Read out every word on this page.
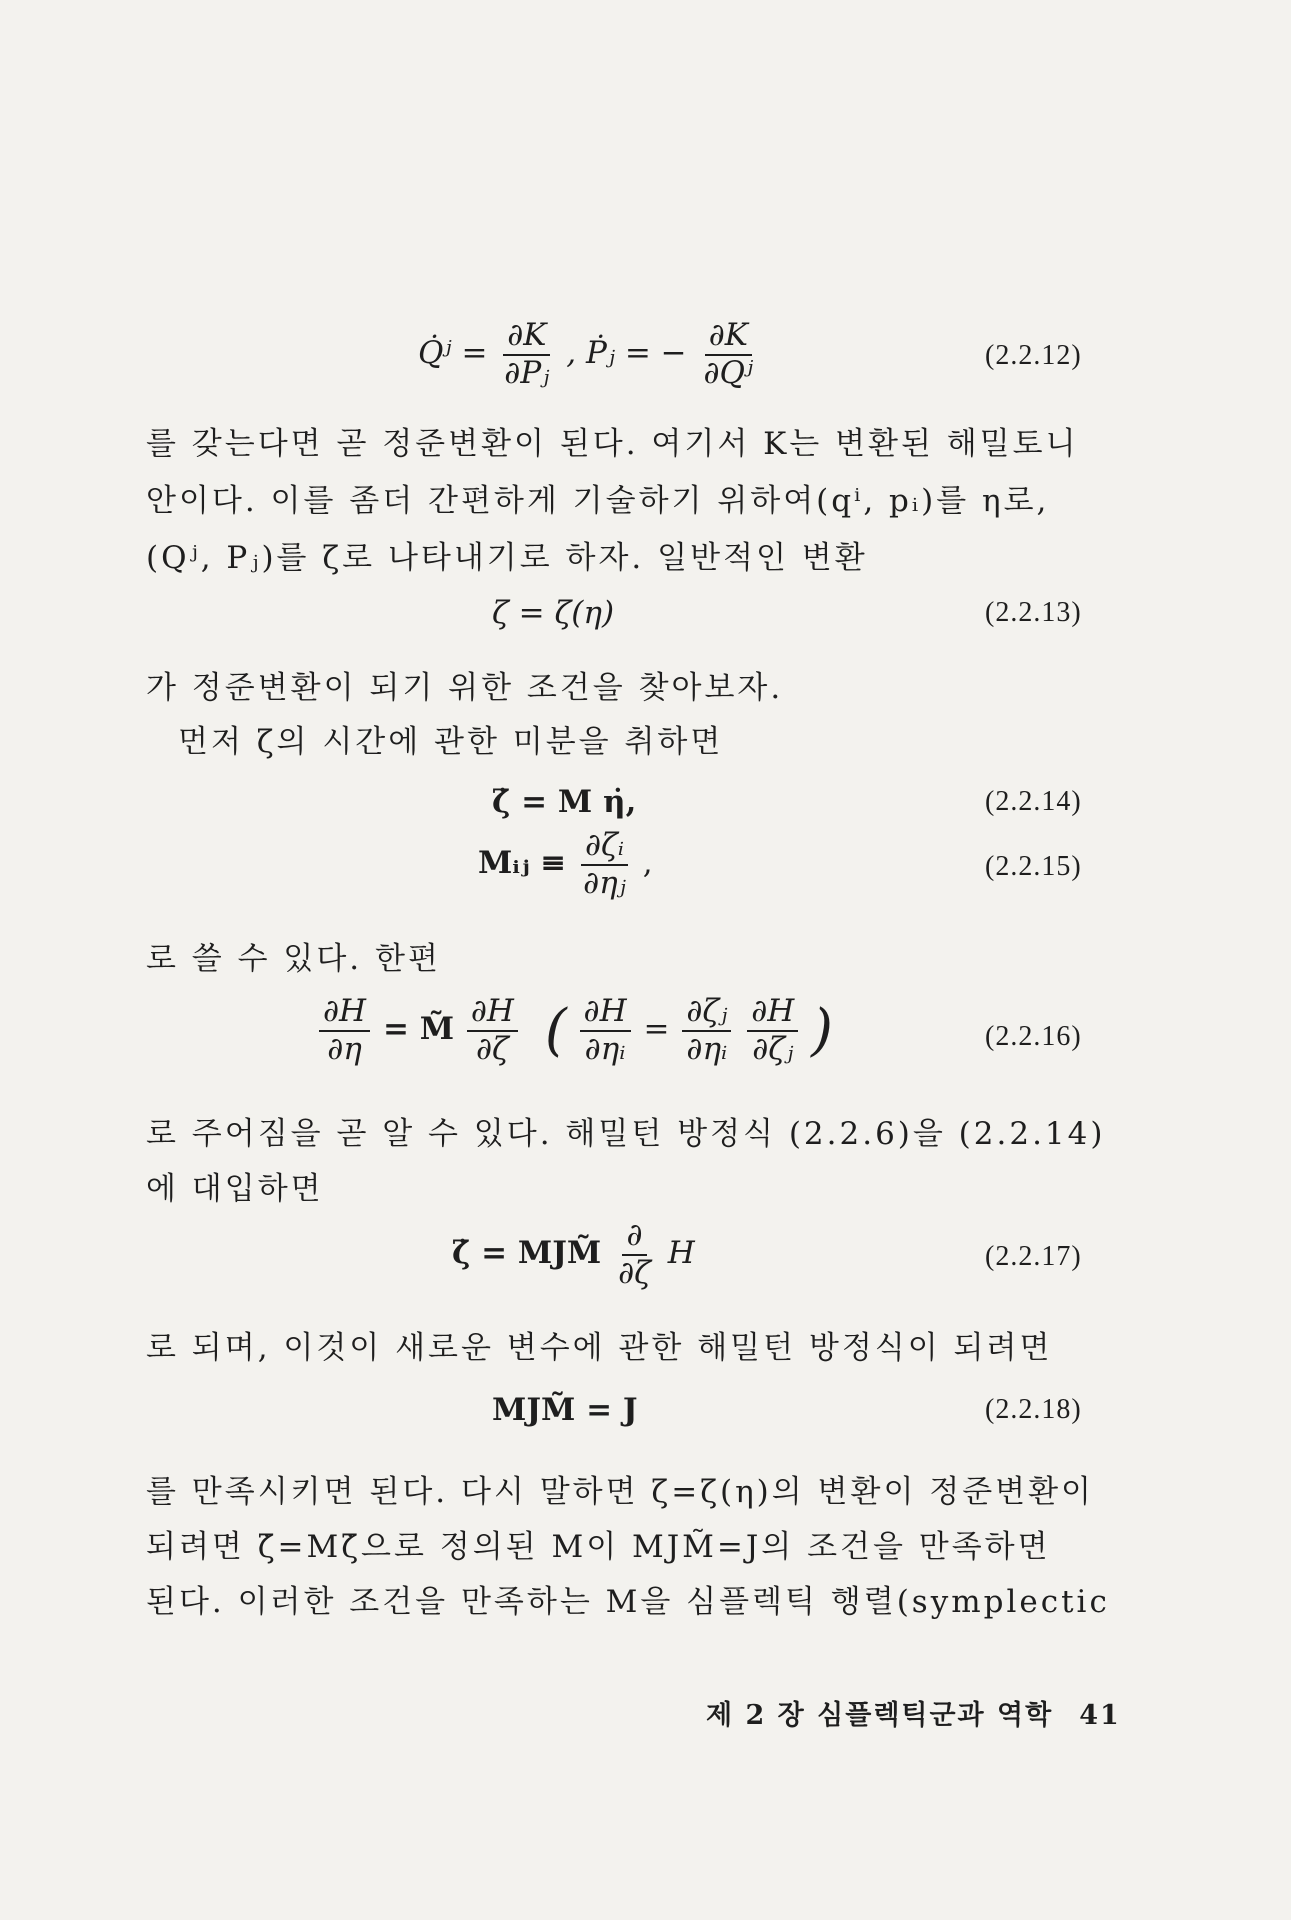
Q̇ʲ = $\frac{\partial K}{\text{∂Pⱼ}}$ , Ṗⱼ = − $\frac{\partial K}{\text{∂Qʲ}}$	(2.2.12)
를 갖는다면 곧 정준변환이 된다. 여기서 K는 변환된 해밀토니
안이다. 이를 좀더 간편하게 기술하기 위하여(qⁱ, pᵢ)를 η로,
(Qʲ, Pⱼ)를 ζ로 나타내기로 하자. 일반적인 변환
ζ = ζ(η)	(2.2.13)
가 정준변환이 되기 위한 조건을 찾아보자.
먼저 ζ의 시간에 관한 미분을 취하면
ζ̇ = M η̇,	(2.2.14)
Mᵢⱼ ≡ $\frac{\text{∂ζᵢ}}{\text{∂ηⱼ}}$ ,	(2.2.15)
로 쓸 수 있다. 한편
$\frac{\partial H}{\partial\eta}$ = M̃ $\frac{\partial H}{\partial\zeta}$ ( $\frac{\partial H}{\text{∂ηᵢ}} = \frac{\text{∂ζⱼ}}{\text{∂ηᵢ}}$
$\frac{\partial H}{\text{∂ζⱼ}}$ )	(2.2.16)
로 주어짐을 곧 알 수 있다. 해밀턴 방정식 (2.2.6)을 (2.2.14)
에 대입하면
ζ̇ = MJM̃ $\frac{\partial}{\partial\zeta}$ H	(2.2.17)
로 되며, 이것이 새로운 변수에 관한 해밀턴 방정식이 되려면
MJM̃ = J	(2.2.18)
를 만족시키면 된다. 다시 말하면 ζ=ζ(η)의 변환이 정준변환이
되려면 ζ̇=Mζ̇으로 정의된 M이 MJM̃=J의 조건을 만족하면
된다. 이러한 조건을 만족하는 M을 심플렉틱 행렬(symplectic
제 2 장 심플렉틱군과 역학 41
